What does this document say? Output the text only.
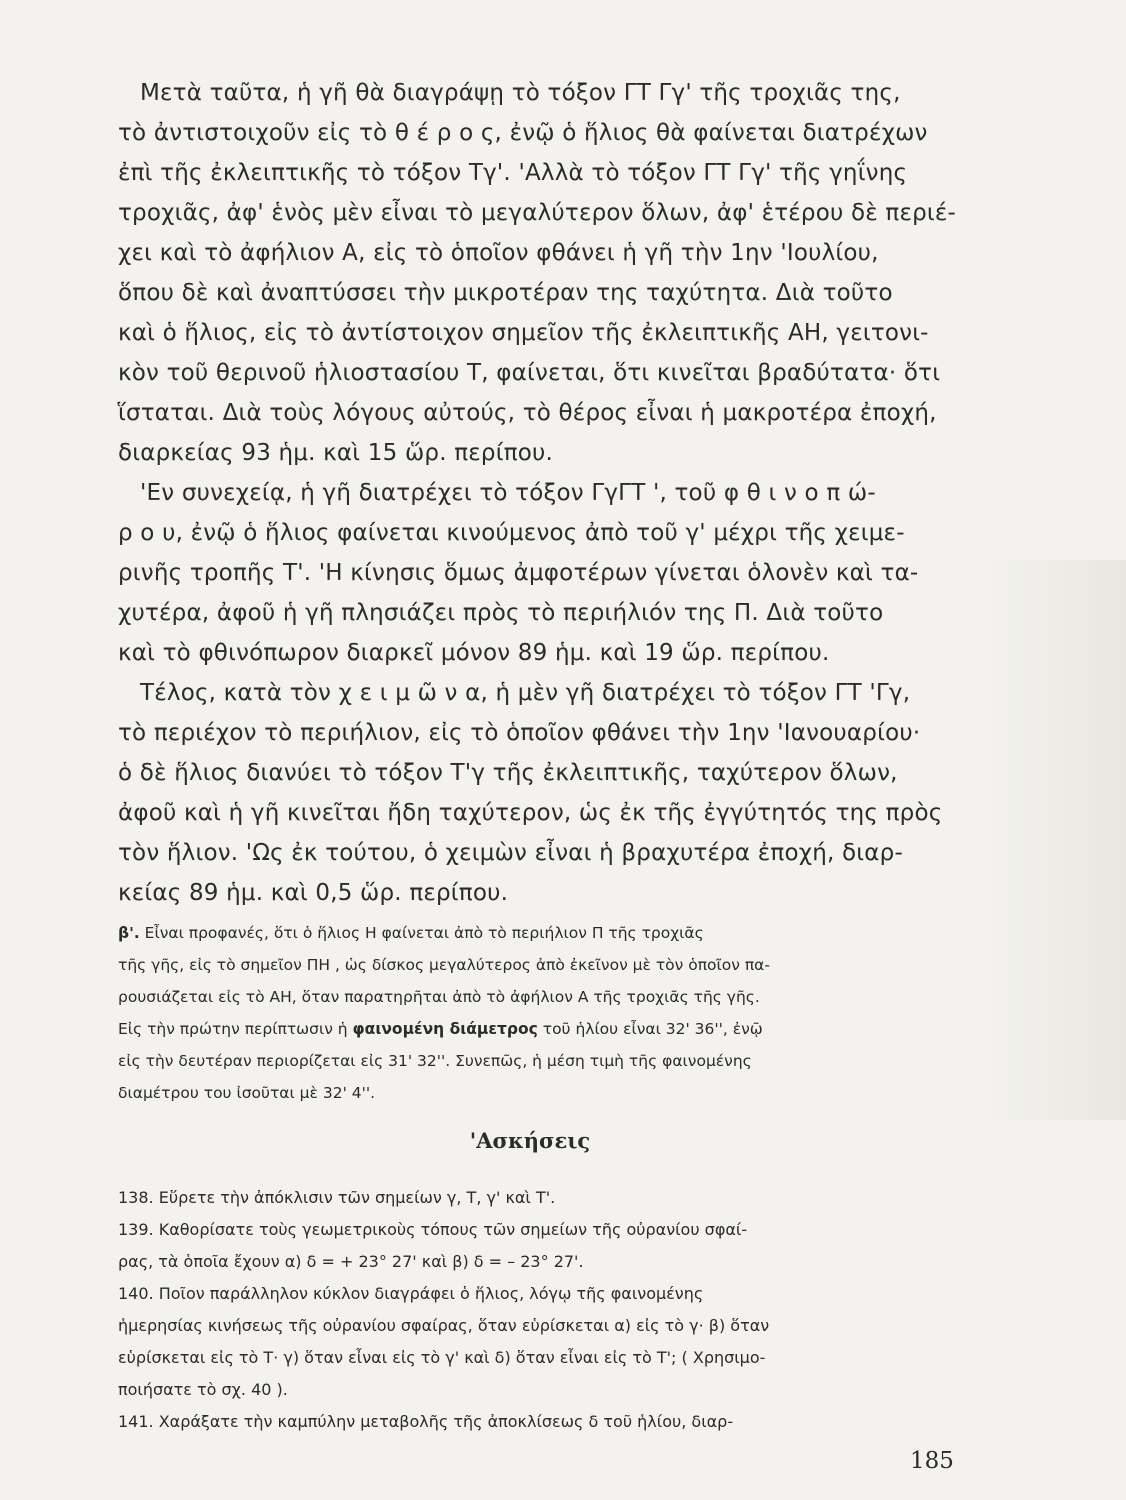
Μετὰ ταῦτα, ἡ γῆ θὰ διαγράψῃ τὸ τόξον ΓΤ Γγ' τῆς τροχιᾶς της,

τὸ ἀντιστοιχοῦν εἰς τὸ θ έ ρ ο ς, ἐνῷ ὁ ἥλιος θὰ φαίνεται διατρέχων

ἐπὶ τῆς ἐκλειπτικῆς τὸ τόξον Τγ'. 'Αλλὰ τὸ τόξον ΓΤ Γγ' τῆς γηΐνης

τροχιᾶς, ἀφ' ἑνὸς μὲν εἶναι τὸ μεγαλύτερον ὅλων, ἀφ' ἑτέρου δὲ περιέ-

χει καὶ τὸ ἀφήλιον Α, εἰς τὸ ὁποῖον φθάνει ἡ γῆ τὴν 1ην 'Ιουλίου,

ὅπου δὲ καὶ ἀναπτύσσει τὴν μικροτέραν της ταχύτητα. Διὰ τοῦτο

καὶ ὁ ἥλιος, εἰς τὸ ἀντίστοιχον σημεῖον τῆς ἐκλειπτικῆς ΑΗ, γειτονι-

κὸν τοῦ θερινοῦ ἡλιοστασίου Τ, φαίνεται, ὅτι κινεῖται βραδύτατα· ὅτι

ἵσταται. Διὰ τοὺς λόγους αὐτούς, τὸ θέρος εἶναι ἡ μακροτέρα ἐποχή,

διαρκείας 93 ἡμ. καὶ 15 ὥρ. περίπου.

'Εν συνεχείᾳ, ἡ γῆ διατρέχει τὸ τόξον ΓγΓΤ ', τοῦ φ θ ι ν ο π ώ-

ρ ο υ, ἐνῷ ὁ ἥλιος φαίνεται κινούμενος ἀπὸ τοῦ γ' μέχρι τῆς χειμε-

ρινῆς τροπῆς Τ'. 'Η κίνησις ὅμως ἀμφοτέρων γίνεται ὁλονὲν καὶ τα-

χυτέρα, ἀφοῦ ἡ γῆ πλησιάζει πρὸς τὸ περιήλιόν της Π. Διὰ τοῦτο

καὶ τὸ φθινόπωρον διαρκεῖ μόνον 89 ἡμ. καὶ 19 ὥρ. περίπου.

Τέλος, κατὰ τὸν χ ε ι μ ῶ ν α, ἡ μὲν γῆ διατρέχει τὸ τόξον ΓΤ 'Γγ,

τὸ περιέχον τὸ περιήλιον, εἰς τὸ ὁποῖον φθάνει τὴν 1ην 'Ιανουαρίου·

ὁ δὲ ἥλιος διανύει τὸ τόξον Τ'γ τῆς ἐκλειπτικῆς, ταχύτερον ὅλων,

ἀφοῦ καὶ ἡ γῆ κινεῖται ἤδη ταχύτερον, ὡς ἐκ τῆς ἐγγύτητός της πρὸς

τὸν ἥλιον. 'Ως ἐκ τούτου, ὁ χειμὼν εἶναι ἡ βραχυτέρα ἐποχή, διαρ-

κείας 89 ἡμ. καὶ 0,5 ὥρ. περίπου.

β'. Εἶναι προφανές, ὅτι ὁ ἥλιος Η φαίνεται ἀπὸ τὸ περιήλιον Π τῆς τροχιᾶς

τῆς γῆς, εἰς τὸ σημεῖον ΠΗ , ὡς δίσκος μεγαλύτερος ἀπὸ ἐκεῖνον μὲ τὸν ὁποῖον πα-

ρουσιάζεται εἰς τὸ ΑΗ, ὅταν παρατηρῆται ἀπὸ τὸ ἀφήλιον Α τῆς τροχιᾶς τῆς γῆς.

Εἰς τὴν πρώτην περίπτωσιν ἡ φαινομένη διάμετρος τοῦ ἡλίου εἶναι 32' 36'', ἐνῷ

εἰς τὴν δευτέραν περιορίζεται εἰς 31' 32''. Συνεπῶς, ἡ μέση τιμὴ τῆς φαινομένης

διαμέτρου του ἰσοῦται μὲ 32' 4''.

'Ασκήσεις

138. Εὕρετε τὴν ἀπόκλισιν τῶν σημείων γ, Τ, γ' καὶ Τ'.

139. Καθορίσατε τοὺς γεωμετρικοὺς τόπους τῶν σημείων τῆς οὐρανίου σφαί-

ρας, τὰ ὁποῖα ἔχουν α) δ = + 23° 27' καὶ β) δ = – 23° 27'.

140. Ποῖον παράλληλον κύκλον διαγράφει ὁ ἥλιος, λόγῳ τῆς φαινομένης

ἡμερησίας κινήσεως τῆς οὐρανίου σφαίρας, ὅταν εὑρίσκεται α) εἰς τὸ γ· β) ὅταν

εὑρίσκεται εἰς τὸ Τ· γ) ὅταν εἶναι εἰς τὸ γ' καὶ δ) ὅταν εἶναι εἰς τὸ Τ'; ( Χρησιμο-

ποιήσατε τὸ σχ. 40 ).

141. Χαράξατε τὴν καμπύλην μεταβολῆς τῆς ἀποκλίσεως δ τοῦ ἡλίου, διαρ-

185
